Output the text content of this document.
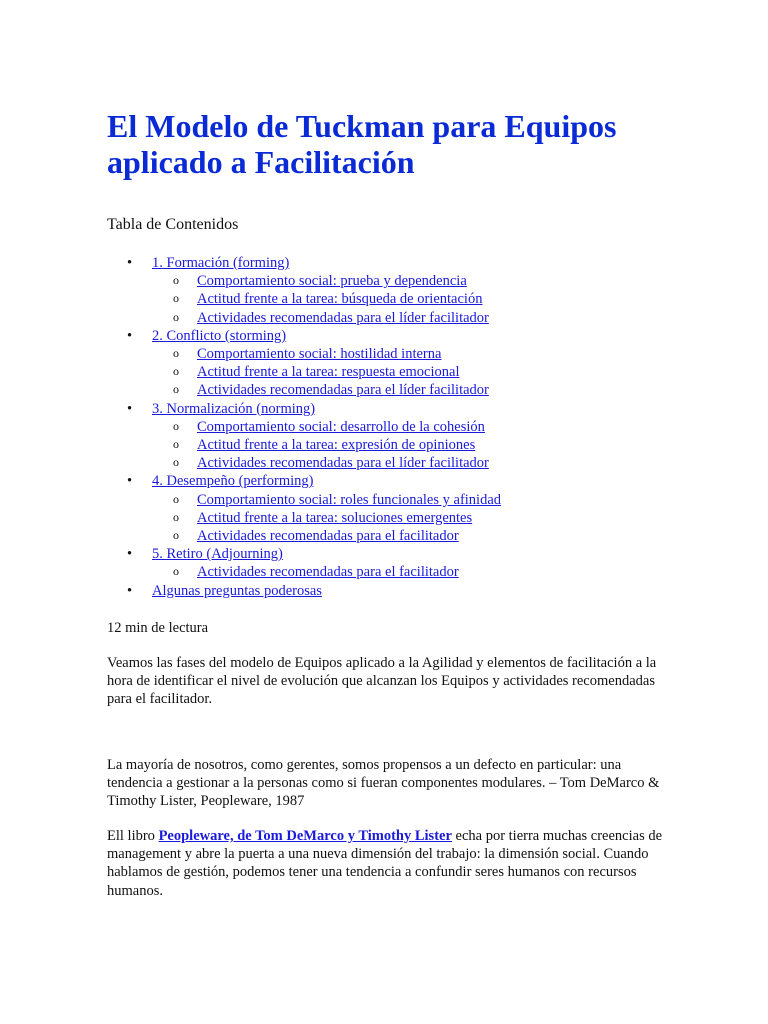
El Modelo de Tuckman para Equipos aplicado a Facilitación

Tabla de Contenidos

• 1. Formación (forming)
o Comportamiento social: prueba y dependencia
o Actitud frente a la tarea: búsqueda de orientación
o Actividades recomendadas para el líder facilitador
• 2. Conflicto (storming)
o Comportamiento social: hostilidad interna
o Actitud frente a la tarea: respuesta emocional
o Actividades recomendadas para el líder facilitador
• 3. Normalización (norming)
o Comportamiento social: desarrollo de la cohesión
o Actitud frente a la tarea: expresión de opiniones
o Actividades recomendadas para el líder facilitador
• 4. Desempeño (performing)
o Comportamiento social: roles funcionales y afinidad
o Actitud frente a la tarea: soluciones emergentes
o Actividades recomendadas para el facilitador
• 5. Retiro (Adjourning)
o Actividades recomendadas para el facilitador
• Algunas preguntas poderosas

12 min de lectura

Veamos las fases del modelo de Equipos aplicado a la Agilidad y elementos de facilitación a la hora de identificar el nivel de evolución que alcanzan los Equipos y actividades recomendadas para el facilitador.

La mayoría de nosotros, como gerentes, somos propensos a un defecto en particular: una tendencia a gestionar a la personas como si fueran componentes modulares. – Tom DeMarco & Timothy Lister, Peopleware, 1987

Ell libro Peopleware, de Tom DeMarco y Timothy Lister echa por tierra muchas creencias de management y abre la puerta a una nueva dimensión del trabajo: la dimensión social. Cuando hablamos de gestión, podemos tener una tendencia a confundir seres humanos con recursos humanos.
